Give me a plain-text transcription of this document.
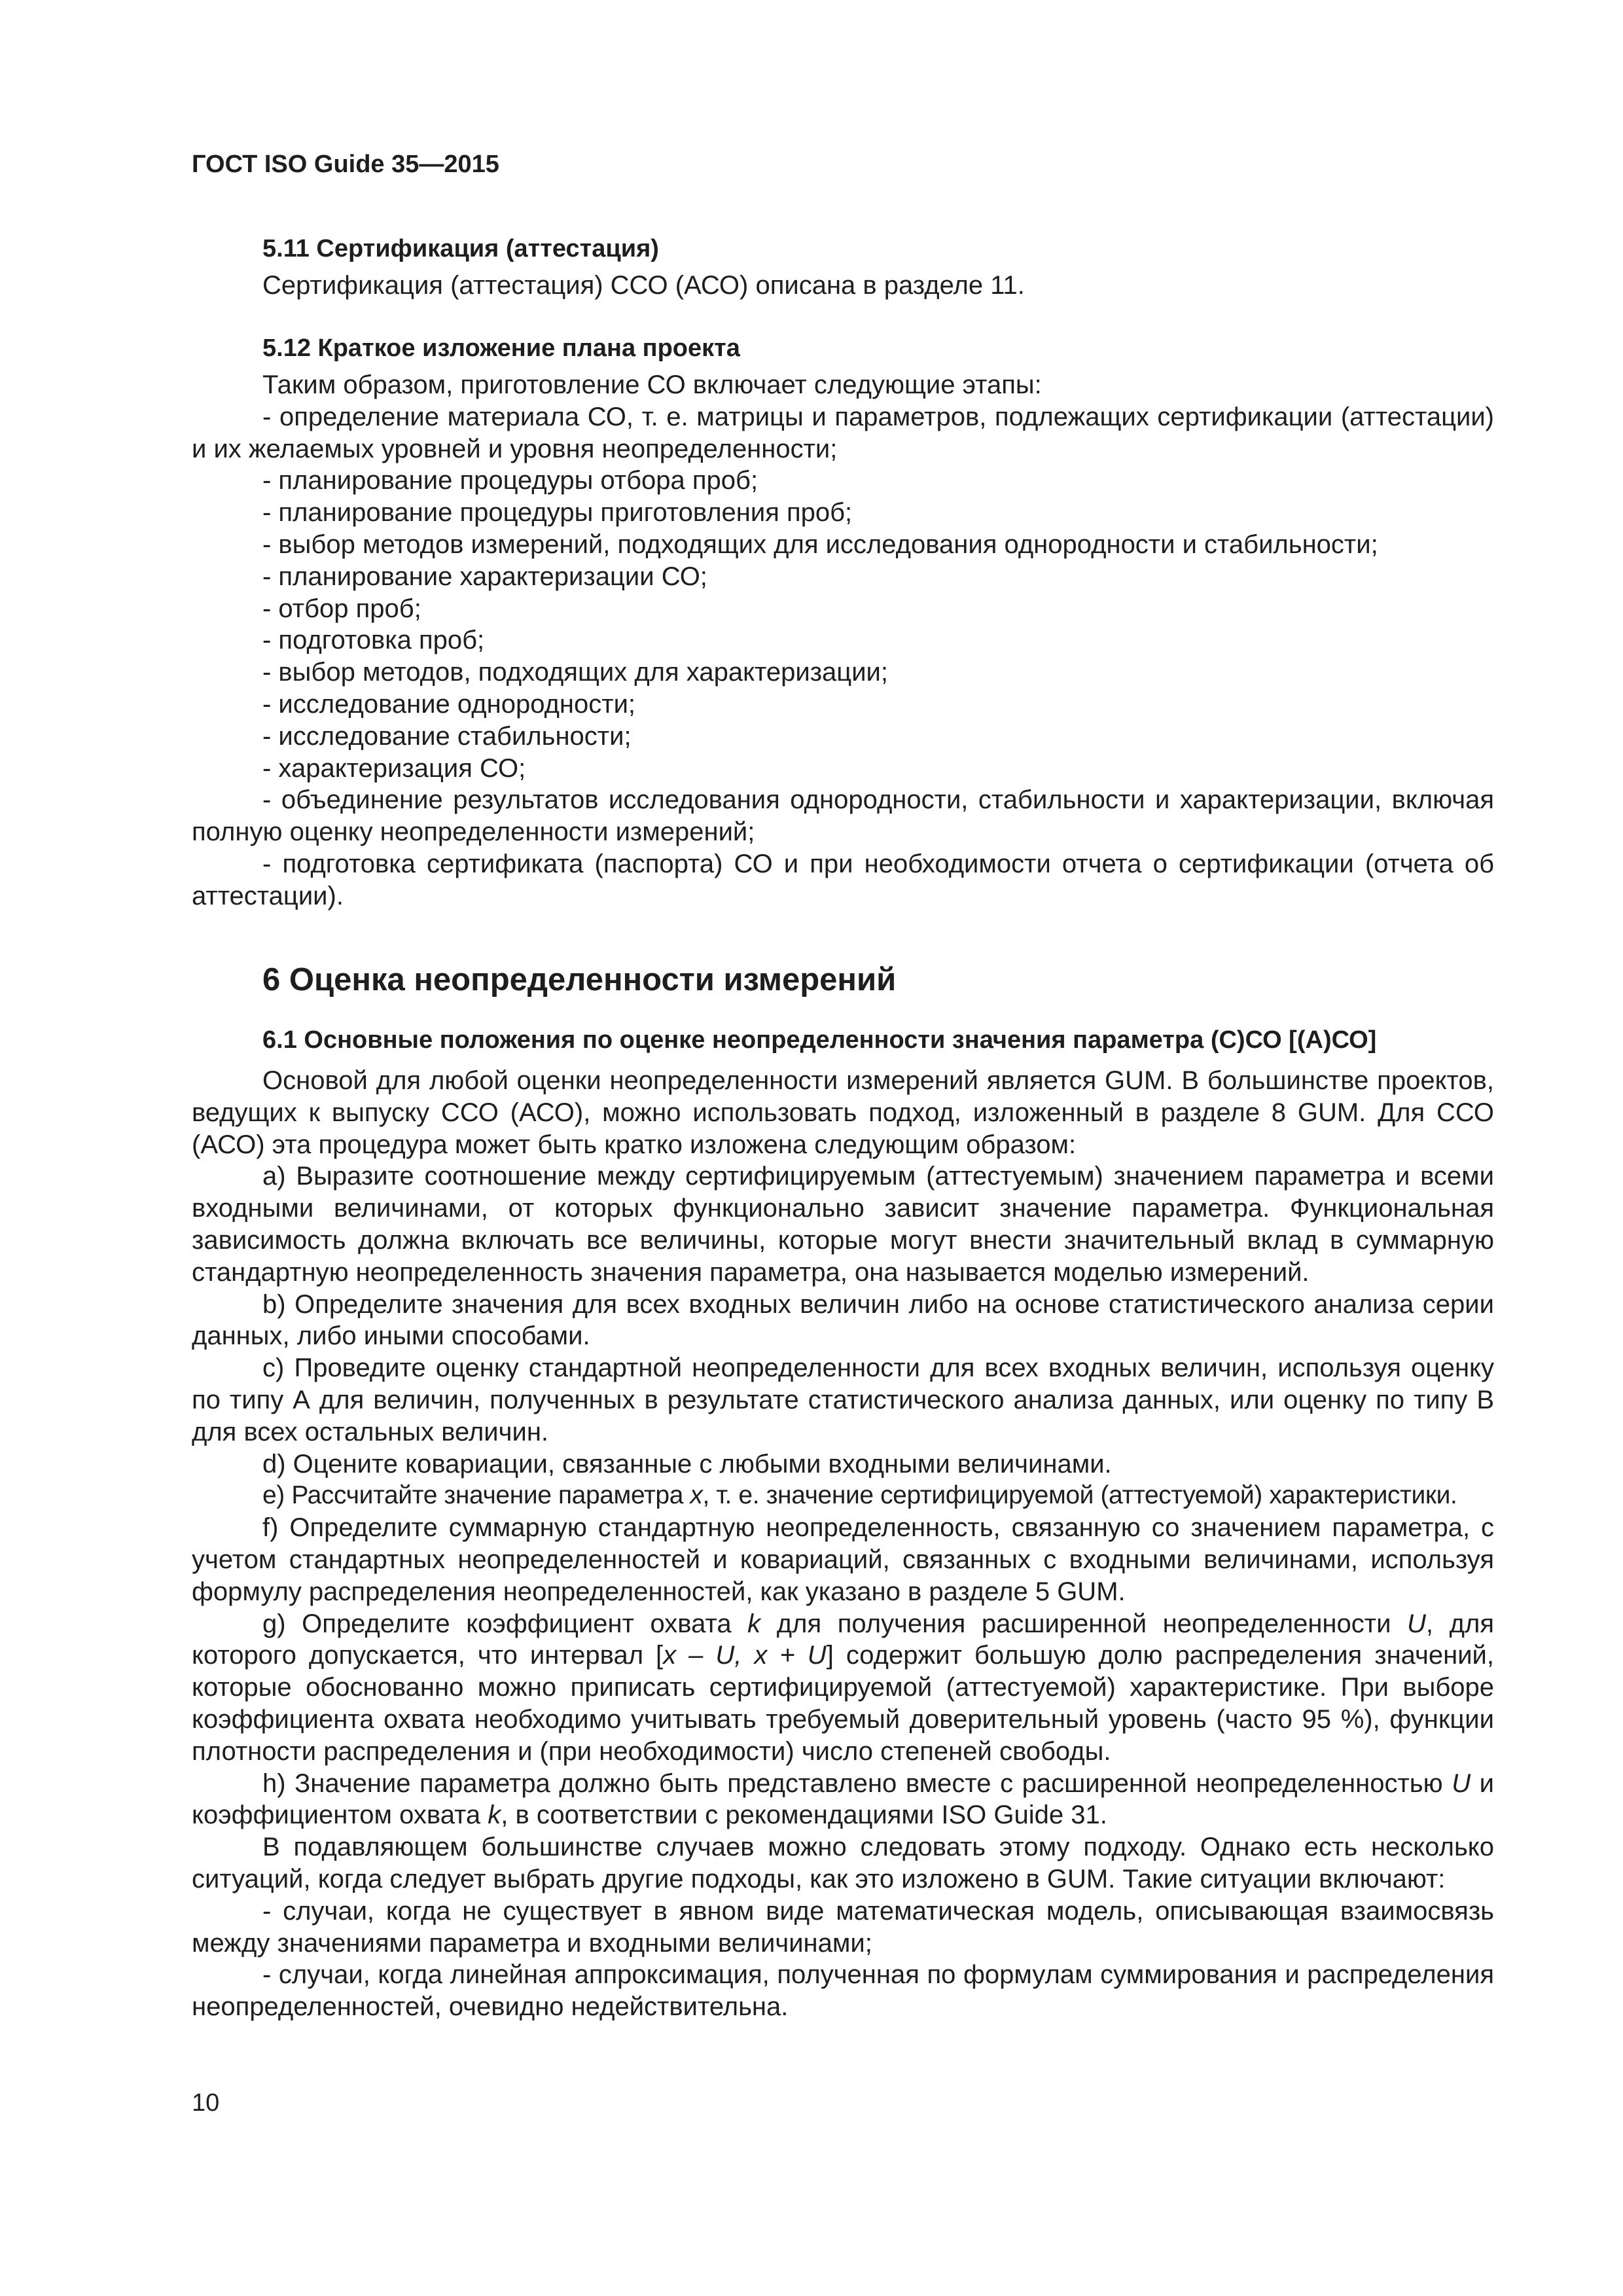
ГОСТ ISO Guide 35—2015
5.11 Сертификация (аттестация)

Сертификация (аттестация) ССО (АСО) описана в разделе 11.

5.12 Краткое изложение плана проекта

Таким образом, приготовление СО включает следующие этапы:

- определение материала СО, т. е. матрицы и параметров, подлежащих сертификации (аттестации) и их желаемых уровней и уровня неопределенности;

- планирование процедуры отбора проб;

- планирование процедуры приготовления проб;

- выбор методов измерений, подходящих для исследования однородности и стабильности;

- планирование характеризации СО;

- отбор проб;

- подготовка проб;

- выбор методов, подходящих для характеризации;

- исследование однородности;

- исследование стабильности;

- характеризация СО;

- объединение результатов исследования однородности, стабильности и характеризации, включая полную оценку неопределенности измерений;

- подготовка сертификата (паспорта) СО и при необходимости отчета о сертификации (отчета об аттестации).

6 Оценка неопределенности измерений
6.1 Основные положения по оценке неопределенности значения параметра (С)СО [(А)СО]

Основой для любой оценки неопределенности измерений является GUM. В большинстве проектов, ведущих к выпуску ССО (АСО), можно использовать подход, изложенный в разделе 8 GUM. Для ССО (АСО) эта процедура может быть кратко изложена следующим образом:

a) Выразите соотношение между сертифицируемым (аттестуемым) значением параметра и всеми входными величинами, от которых функционально зависит значение параметра. Функциональная зависимость должна включать все величины, которые могут внести значительный вклад в суммарную стандартную неопределенность значения параметра, она называется моделью измерений.

b) Определите значения для всех входных величин либо на основе статистического анализа серии данных, либо иными способами.

c) Проведите оценку стандартной неопределенности для всех входных величин, используя оценку по типу А для величин, полученных в результате статистического анализа данных, или оценку по типу В для всех остальных величин.

d) Оцените ковариации, связанные с любыми входными величинами.

e) Рассчитайте значение параметра x, т. е. значение сертифицируемой (аттестуемой) характеристики.

f) Определите суммарную стандартную неопределенность, связанную со значением параметра, с учетом стандартных неопределенностей и ковариаций, связанных с входными величинами, используя формулу распределения неопределенностей, как указано в разделе 5 GUM.

g) Определите коэффициент охвата k для получения расширенной неопределенности U, для которого допускается, что интервал [x – U, x + U] содержит большую долю распределения значений, которые обоснованно можно приписать сертифицируемой (аттестуемой) характеристике. При выборе коэффициента охвата необходимо учитывать требуемый доверительный уровень (часто 95 %), функции плотности распределения и (при необходимости) число степеней свободы.

h) Значение параметра должно быть представлено вместе с расширенной неопределенностью U и коэффициентом охвата k, в соответствии с рекомендациями ISO Guide 31.

В подавляющем большинстве случаев можно следовать этому подходу. Однако есть несколько ситуаций, когда следует выбрать другие подходы, как это изложено в GUM. Такие ситуации включают:

- случаи, когда не существует в явном виде математическая модель, описывающая взаимосвязь между значениями параметра и входными величинами;

- случаи, когда линейная аппроксимация, полученная по формулам суммирования и распределения неопределенностей, очевидно недействительна.

10
